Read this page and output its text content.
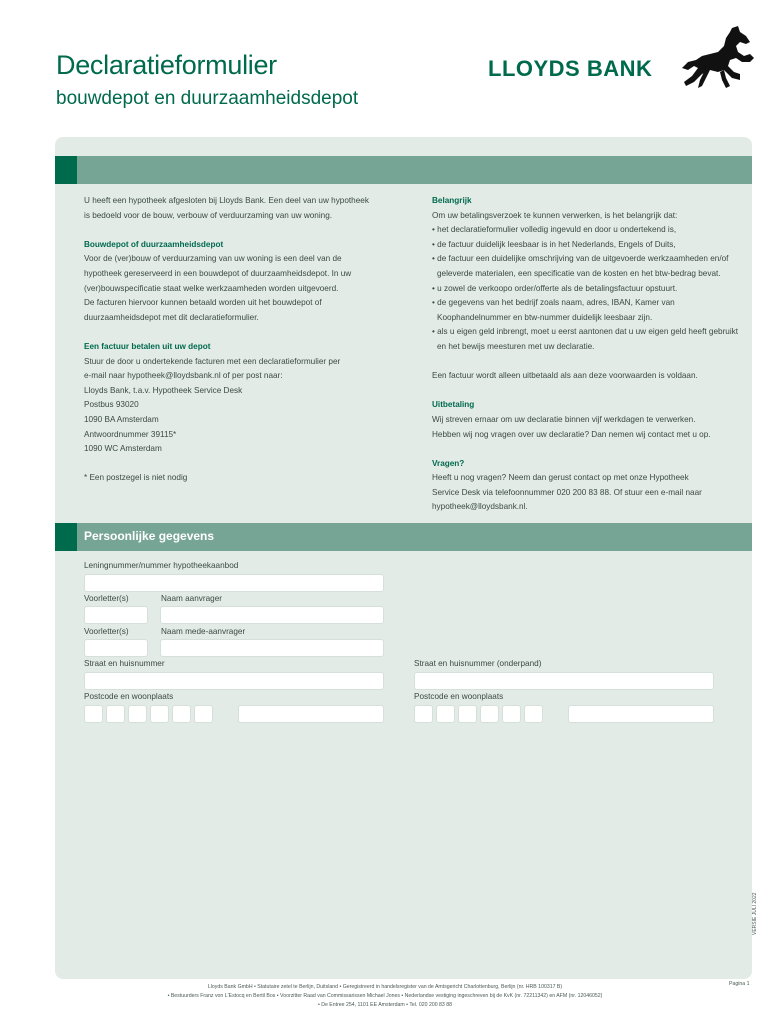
Declaratieformulier
bouwdepot en duurzaamheidsdepot
LLOYDS BANK

U heeft een hypotheek afgesloten bij Lloyds Bank. Een deel van uw hypotheek

is bedoeld voor de bouw, verbouw of verduurzaming van uw woning.

Bouwdepot of duurzaamheidsdepot

Voor de (ver)bouw of verduurzaming van uw woning is een deel van de

hypotheek gereserveerd in een bouwdepot of duurzaamheidsdepot. In uw

(ver)bouwspecificatie staat welke werkzaamheden worden uitgevoerd.

De facturen hiervoor kunnen betaald worden uit het bouwdepot of

duurzaamheidsdepot met dit declaratieformulier.

Een factuur betalen uit uw depot

Stuur de door u ondertekende facturen met een declaratieformulier per

e-mail naar hypotheek@lloydsbank.nl of per post naar:

Lloyds Bank, t.a.v. Hypotheek Service Desk

Postbus 93020

1090 BA Amsterdam

Antwoordnummer 39115*

1090 WC Amsterdam

* Een postzegel is niet nodig

Belangrijk

Om uw betalingsverzoek te kunnen verwerken, is het belangrijk dat:

• het declaratieformulier volledig ingevuld en door u ondertekend is,
• de factuur duidelijk leesbaar is in het Nederlands, Engels of Duits,
• de factuur een duidelijke omschrijving van de uitgevoerde werkzaamheden en/of geleverde materialen, een specificatie van de kosten en het btw-bedrag bevat.
• u zowel de verkoopo order/offerte als de betalingsfactuur opstuurt.
• de gegevens van het bedrijf zoals naam, adres, IBAN, Kamer van Koophandelnummer en btw-nummer duidelijk leesbaar zijn.
• als u eigen geld inbrengt, moet u eerst aantonen dat u uw eigen geld heeft gebruikt en het bewijs meesturen met uw declaratie.

Een factuur wordt alleen uitbetaald als aan deze voorwaarden is voldaan.

Uitbetaling

Wij streven ernaar om uw declaratie binnen vijf werkdagen te verwerken.

Hebben wij nog vragen over uw declaratie? Dan nemen wij contact met u op.

Vragen?

Heeft u nog vragen? Neem dan gerust contact op met onze Hypotheek

Service Desk via telefoonnummer 020 200 83 88. Of stuur een e-mail naar

hypotheek@lloydsbank.nl.

Persoonlijke gegevens
Leningnummer/nummer hypotheekaanbod
Voorletter(s)	Naam aanvrager
Voorletter(s)	Naam mede-aanvrager
Straat en huisnummer	Straat en huisnummer (onderpand)
Postcode en woonplaats	Postcode en woonplaats
VERSIE JULI 2022
Pagina 1
Lloyds Bank GmbH • Statutaire zetel te Berlijn, Duitsland • Geregistreerd in handelsregister van de Amtsgericht Charlottenburg, Berlijn (nr. HRB 100317 B)
• Bestuurders Franz von L'Estocq en Bertil Bos • Voorzitter Raad van Commissarissen Michael Jones • Nederlandse vestiging ingeschreven bij de KvK (nr. 72211342) en AFM (nr. 12046052)
• De Entree 254, 1101 EE Amsterdam • Tel. 020 200 83 88
